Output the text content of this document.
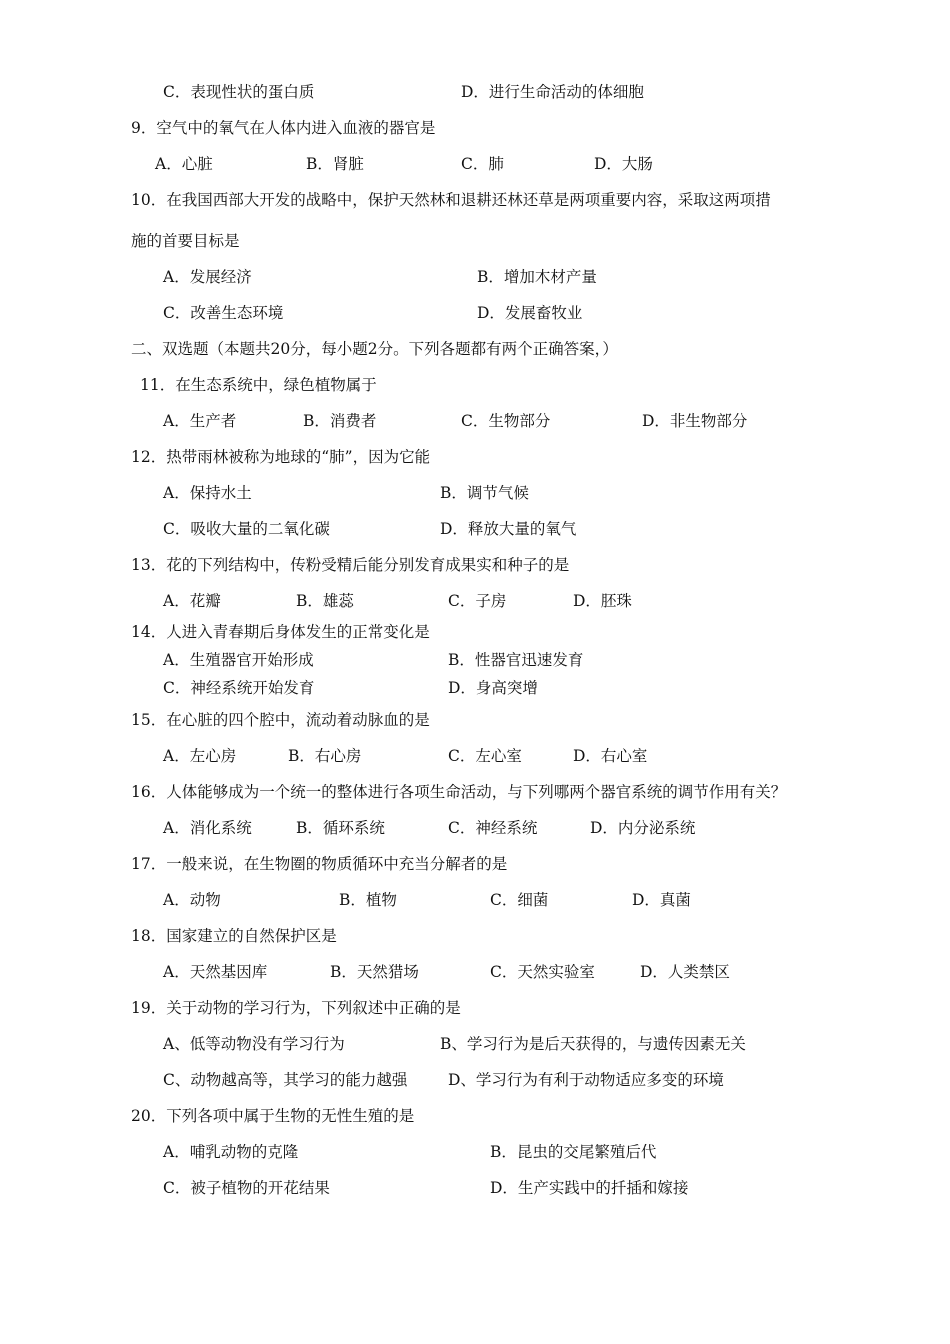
C．表现性状的蛋白质	D．进行生命活动的体细胞
9．空气中的氧气在人体内进入血液的器官是
A．心脏	B．肾脏	C．肺	D．大肠
10．在我国西部大开发的战略中，保护天然林和退耕还林还草是两项重要内容，采取这两项措
施的首要目标是
A．发展经济	B．增加木材产量
C．改善生态环境	D．发展畜牧业
二、双选题（本题共20分，每小题2分。下列各题都有两个正确答案，）
11．在生态系统中，绿色植物属于
A．生产者	B．消费者	C．生物部分	D．非生物部分
12．热带雨林被称为地球的“肺”，因为它能
A．保持水土	B．调节气候
C．吸收大量的二氧化碳	D．释放大量的氧气
13．花的下列结构中，传粉受精后能分别发育成果实和种子的是
A．花瓣	B．雄蕊	C．子房	D．胚珠
14．人进入青春期后身体发生的正常变化是
A．生殖器官开始形成	B．性器官迅速发育
C．神经系统开始发育	D．身高突增
15．在心脏的四个腔中，流动着动脉血的是
A．左心房	B．右心房	C．左心室	D．右心室
16．人体能够成为一个统一的整体进行各项生命活动，与下列哪两个器官系统的调节作用有关？
A．消化系统	B．循环系统	C．神经系统	D．内分泌系统
17．一般来说，在生物圈的物质循环中充当分解者的是
A．动物	B．植物	C．细菌	D．真菌
18．国家建立的自然保护区是
A．天然基因库	B．天然猎场	C．天然实验室	D．人类禁区
19．关于动物的学习行为，下列叙述中正确的是
A、低等动物没有学习行为	B、学习行为是后天获得的，与遗传因素无关
C、动物越高等，其学习的能力越强	D、学习行为有利于动物适应多变的环境
20．下列各项中属于生物的无性生殖的是
A．哺乳动物的克隆	B．昆虫的交尾繁殖后代
C．被子植物的开花结果	D．生产实践中的扦插和嫁接
